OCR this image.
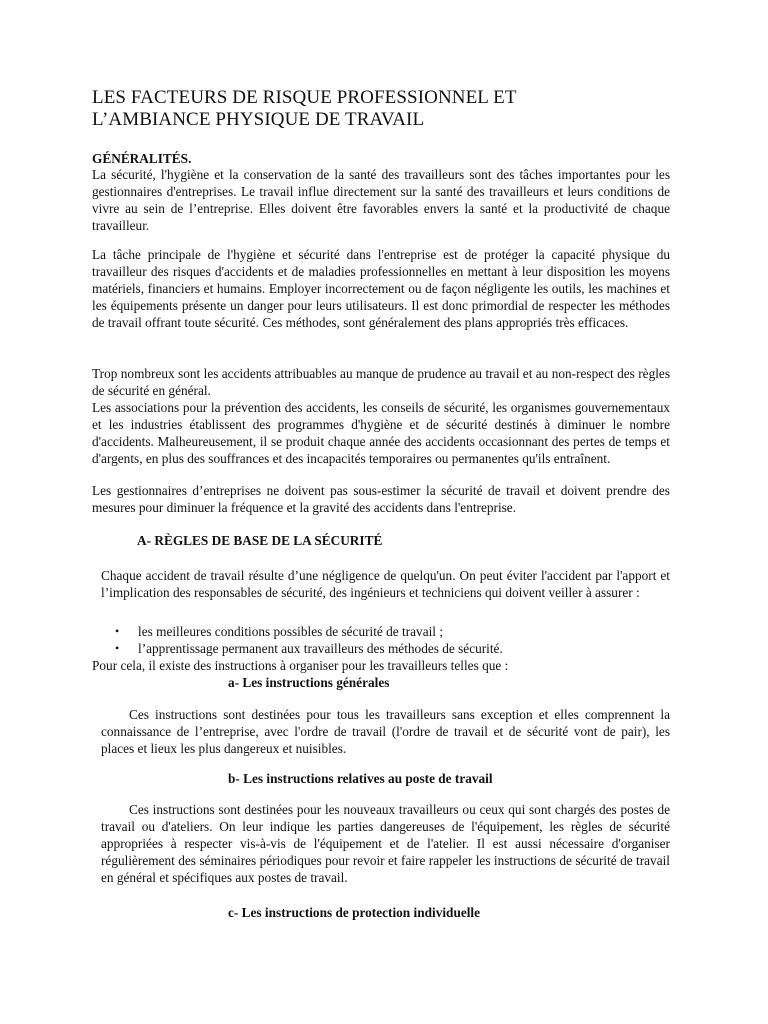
LES FACTEURS DE RISQUE PROFESSIONNEL ET
L’AMBIANCE PHYSIQUE DE TRAVAIL

GÉNÉRALITÉS.

La sécurité, l'hygiène et la conservation de la santé des travailleurs sont des tâches importantes pour les gestionnaires d'entreprises. Le travail influe directement sur la santé des travailleurs et leurs conditions de vivre au sein de l’entreprise. Elles doivent être favorables envers la santé et la productivité de chaque travailleur.

La tâche principale de l'hygiène et sécurité dans l'entreprise est de protéger la capacité physique du travailleur des risques d'accidents et de maladies professionnelles en mettant à leur disposition les moyens matériels, financiers et humains. Employer incorrectement ou de façon négligente les outils, les machines et les équipements présente un danger pour leurs utilisateurs. Il est donc primordial de respecter les méthodes de travail offrant toute sécurité. Ces méthodes, sont généralement des plans appropriés très efficaces.

Trop nombreux sont les accidents attribuables au manque de prudence au travail et au non-respect des règles de sécurité en général.

Les associations pour la prévention des accidents, les conseils de sécurité, les organismes gouvernementaux et les industries établissent des programmes d'hygiène et de sécurité destinés à diminuer le nombre d'accidents. Malheureusement, il se produit chaque année des accidents occasionnant des pertes de temps et d'argents, en plus des souffrances et des incapacités temporaires ou permanentes qu'ils entraînent.

Les gestionnaires d’entreprises ne doivent pas sous-estimer la sécurité de travail et doivent prendre des mesures pour diminuer la fréquence et la gravité des accidents dans l'entreprise.

A- RÈGLES DE BASE DE LA SÉCURITÉ

Chaque accident de travail résulte d’une négligence de quelqu'un. On peut éviter l'accident par l'apport et l’implication des responsables de sécurité, des ingénieurs et techniciens qui doivent veiller à assurer :

• les meilleures conditions possibles de sécurité de travail ;
• l’apprentissage permanent aux travailleurs des méthodes de sécurité.

Pour cela, il existe des instructions à organiser pour les travailleurs telles que :

a- Les instructions générales

Ces instructions sont destinées pour tous les travailleurs sans exception et elles comprennent la connaissance de l’entreprise, avec l'ordre de travail (l'ordre de travail et de sécurité vont de pair), les places et lieux les plus dangereux et nuisibles.

b- Les instructions relatives au poste de travail

Ces instructions sont destinées pour les nouveaux travailleurs ou ceux qui sont chargés des postes de travail ou d'ateliers. On leur indique les parties dangereuses de l'équipement, les règles de sécurité appropriées à respecter vis-à-vis de l'équipement et de l'atelier. Il est aussi nécessaire d'organiser régulièrement des séminaires périodiques pour revoir et faire rappeler les instructions de sécurité de travail en général et spécifiques aux postes de travail.

c- Les instructions de protection individuelle
